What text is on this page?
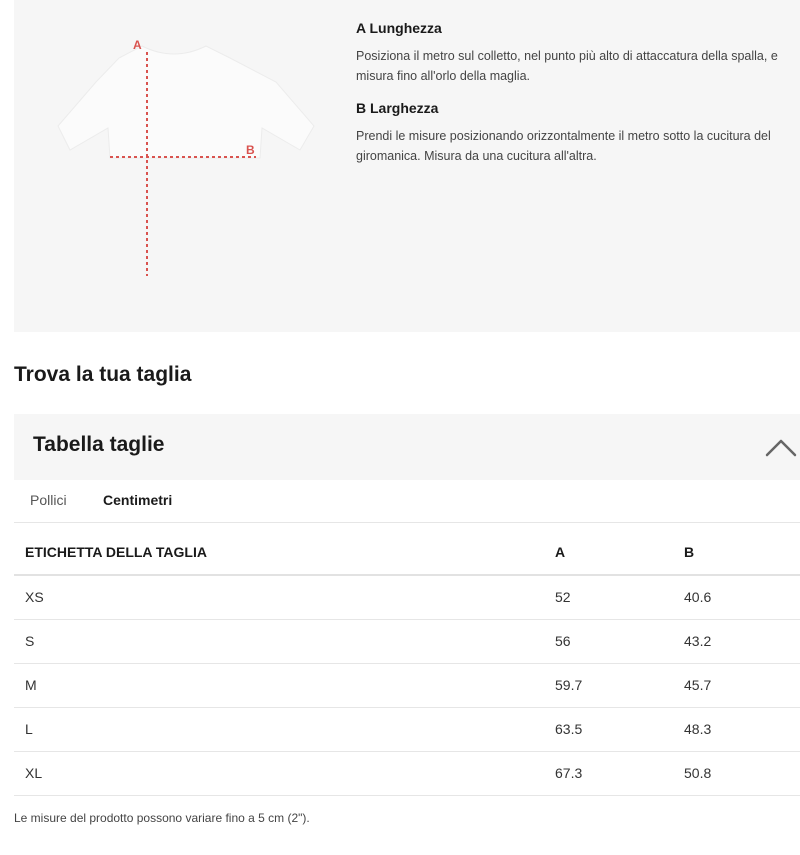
A
B
A Lunghezza
Posiziona il metro sul colletto, nel punto più alto di attaccatura della spalla, e misura fino all'orlo della maglia.
B Larghezza
Prendi le misure posizionando orizzontalmente il metro sotto la cucitura del giromanica. Misura da una cucitura all'altra.
Trova la tua taglia
Tabella taglie
Pollici	Centimetri
ETICHETTA DELLA TAGLIA	A	B
XS	52	40.6
S	56	43.2
M	59.7	45.7
L	63.5	48.3
XL	67.3	50.8
Le misure del prodotto possono variare fino a 5 cm (2").
